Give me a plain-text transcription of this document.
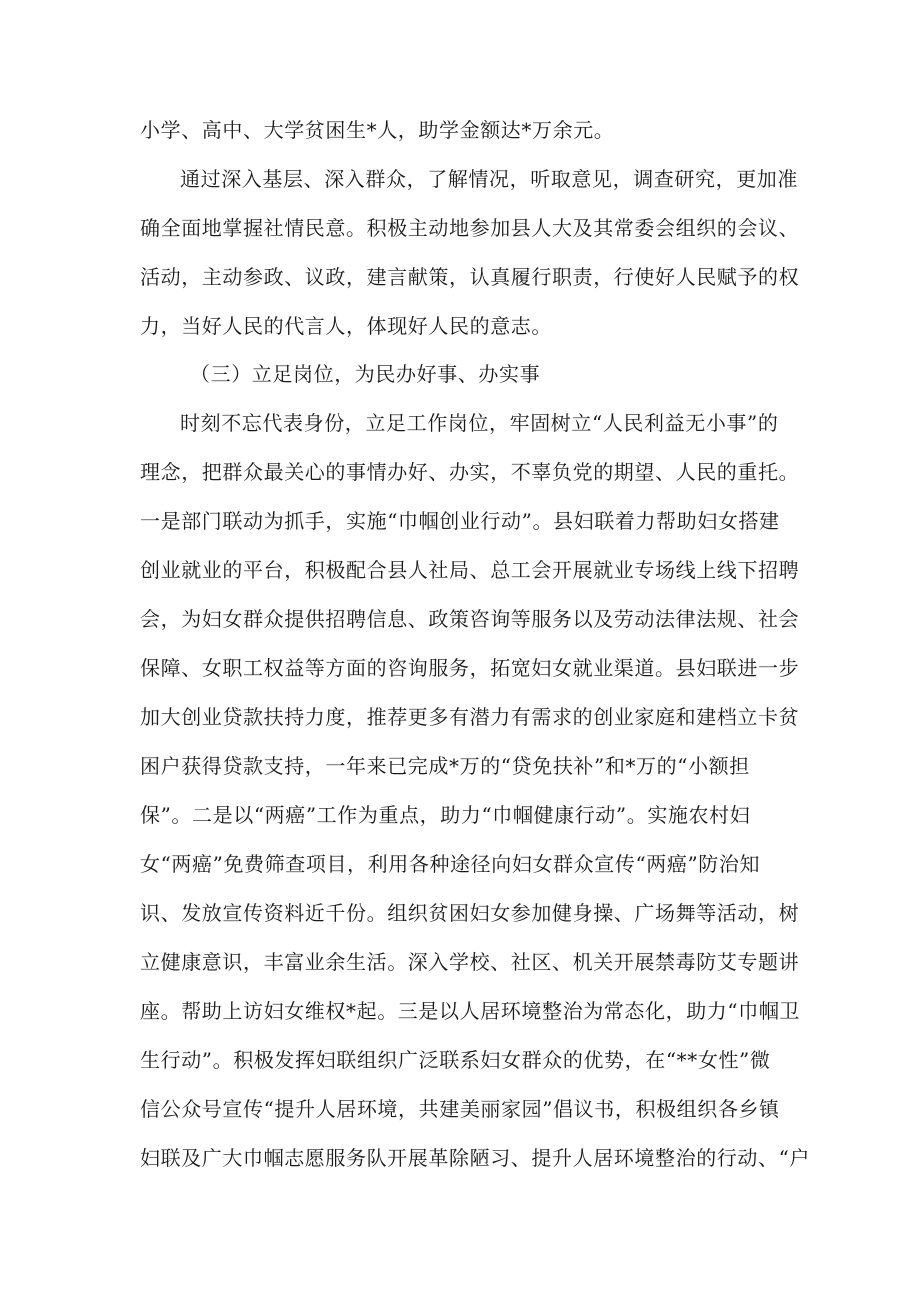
小学、高中、大学贫困生*人，助学金额达*万余元。
通过深入基层、深入群众，了解情况，听取意见，调查研究，更加准
确全面地掌握社情民意。积极主动地参加县人大及其常委会组织的会议、
活动，主动参政、议政，建言献策，认真履行职责，行使好人民赋予的权
力，当好人民的代言人，体现好人民的意志。
（三）立足岗位，为民办好事、办实事
时刻不忘代表身份，立足工作岗位，牢固树立“人民利益无小事”的
理念，把群众最关心的事情办好、办实，不辜负党的期望、人民的重托。
一是部门联动为抓手，实施“巾帼创业行动”。县妇联着力帮助妇女搭建
创业就业的平台，积极配合县人社局、总工会开展就业专场线上线下招聘
会，为妇女群众提供招聘信息、政策咨询等服务以及劳动法律法规、社会
保障、女职工权益等方面的咨询服务，拓宽妇女就业渠道。县妇联进一步
加大创业贷款扶持力度，推荐更多有潜力有需求的创业家庭和建档立卡贫
困户获得贷款支持，一年来已完成*万的“贷免扶补”和*万的“小额担
保”。二是以“两癌”工作为重点，助力“巾帼健康行动”。实施农村妇
女“两癌”免费筛查项目，利用各种途径向妇女群众宣传“两癌”防治知
识、发放宣传资料近千份。组织贫困妇女参加健身操、广场舞等活动，树
立健康意识，丰富业余生活。深入学校、社区、机关开展禁毒防艾专题讲
座。帮助上访妇女维权*起。三是以人居环境整治为常态化，助力“巾帼卫
生行动”。积极发挥妇联组织广泛联系妇女群众的优势，在“**女性”微
信公众号宣传“提升人居环境，共建美丽家园”倡议书，积极组织各乡镇
妇联及广大巾帼志愿服务队开展革除陋习、提升人居环境整治的行动、“户
